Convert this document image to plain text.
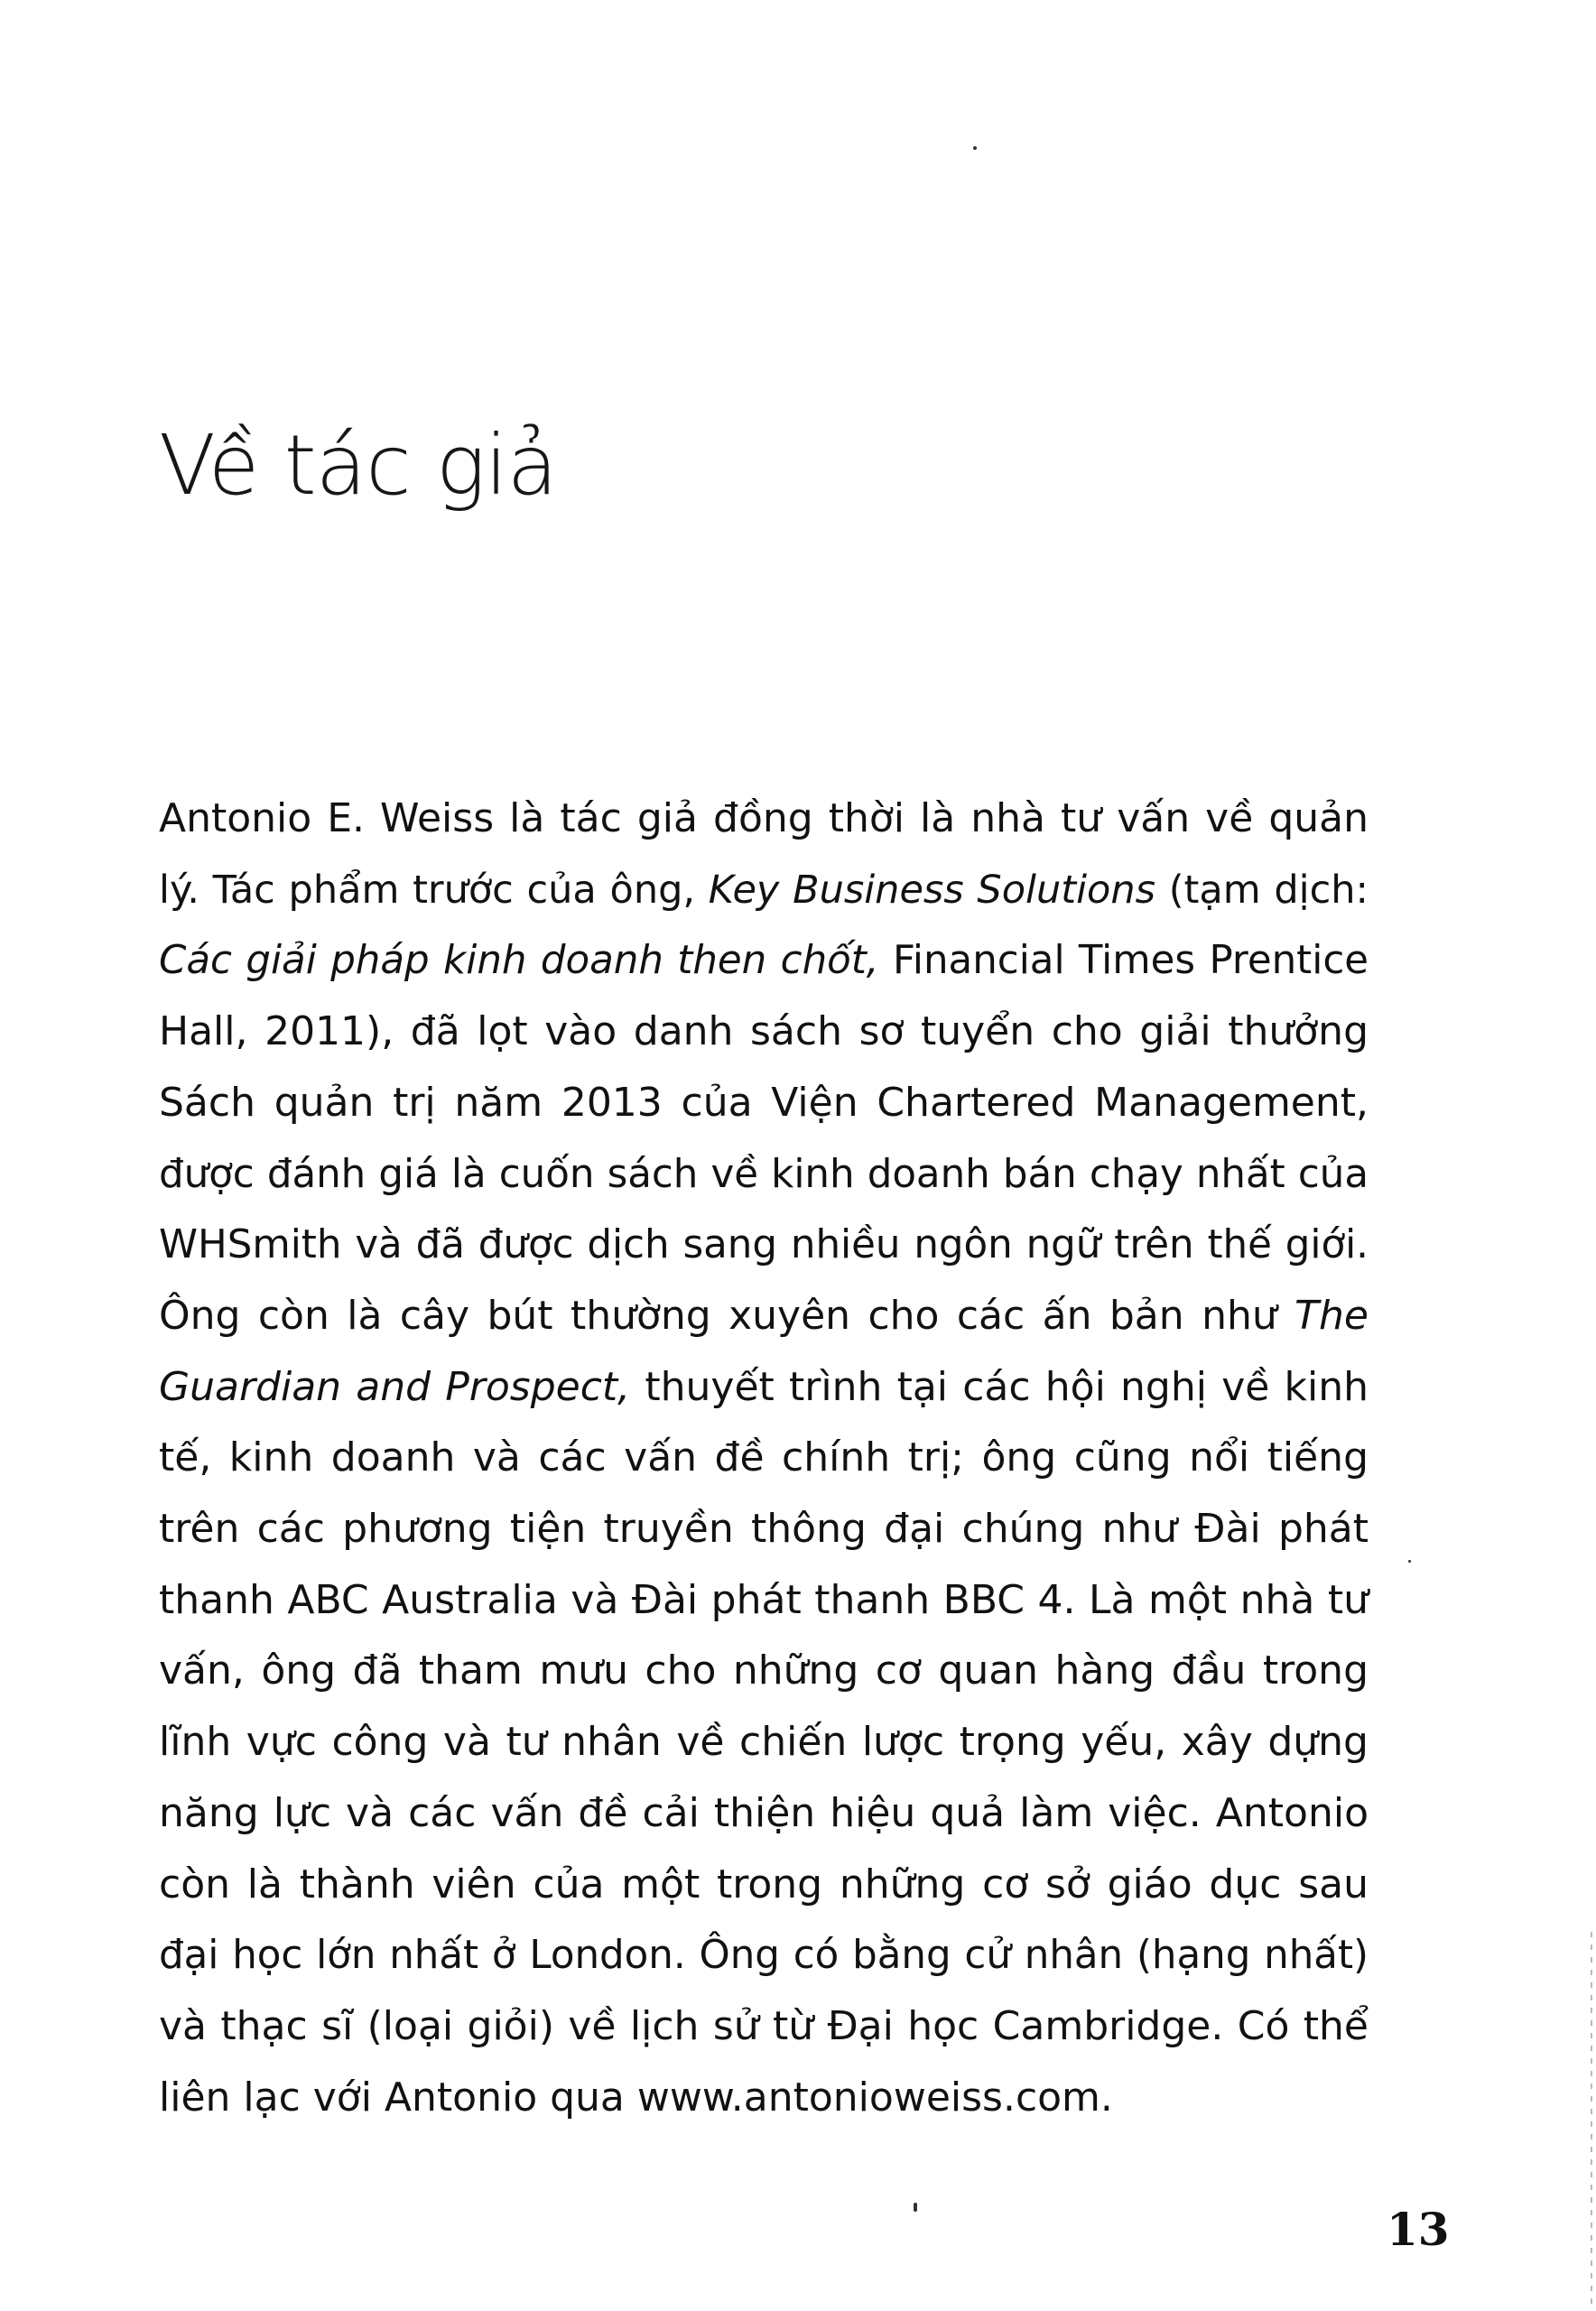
Về tác giả
Antonio E. Weiss là tác giả đồng thời là nhà tư vấn về quản
lý. Tác phẩm trước của ông, Key Business Solutions (tạm dịch:
Các giải pháp kinh doanh then chốt, Financial Times Prentice
Hall, 2011), đã lọt vào danh sách sơ tuyển cho giải thưởng
Sách quản trị năm 2013 của Viện Chartered Management,
được đánh giá là cuốn sách về kinh doanh bán chạy nhất của
WHSmith và đã được dịch sang nhiều ngôn ngữ trên thế giới.
Ông còn là cây bút thường xuyên cho các ấn bản như The
Guardian and Prospect, thuyết trình tại các hội nghị về kinh
tế, kinh doanh và các vấn đề chính trị; ông cũng nổi tiếng
trên các phương tiện truyền thông đại chúng như Đài phát
thanh ABC Australia và Đài phát thanh BBC 4. Là một nhà tư
vấn, ông đã tham mưu cho những cơ quan hàng đầu trong
lĩnh vực công và tư nhân về chiến lược trọng yếu, xây dựng
năng lực và các vấn đề cải thiện hiệu quả làm việc. Antonio
còn là thành viên của một trong những cơ sở giáo dục sau
đại học lớn nhất ở London. Ông có bằng cử nhân (hạng nhất)
và thạc sĩ (loại giỏi) về lịch sử từ Đại học Cambridge. Có thể
liên lạc với Antonio qua www.antonioweiss.com.
13
